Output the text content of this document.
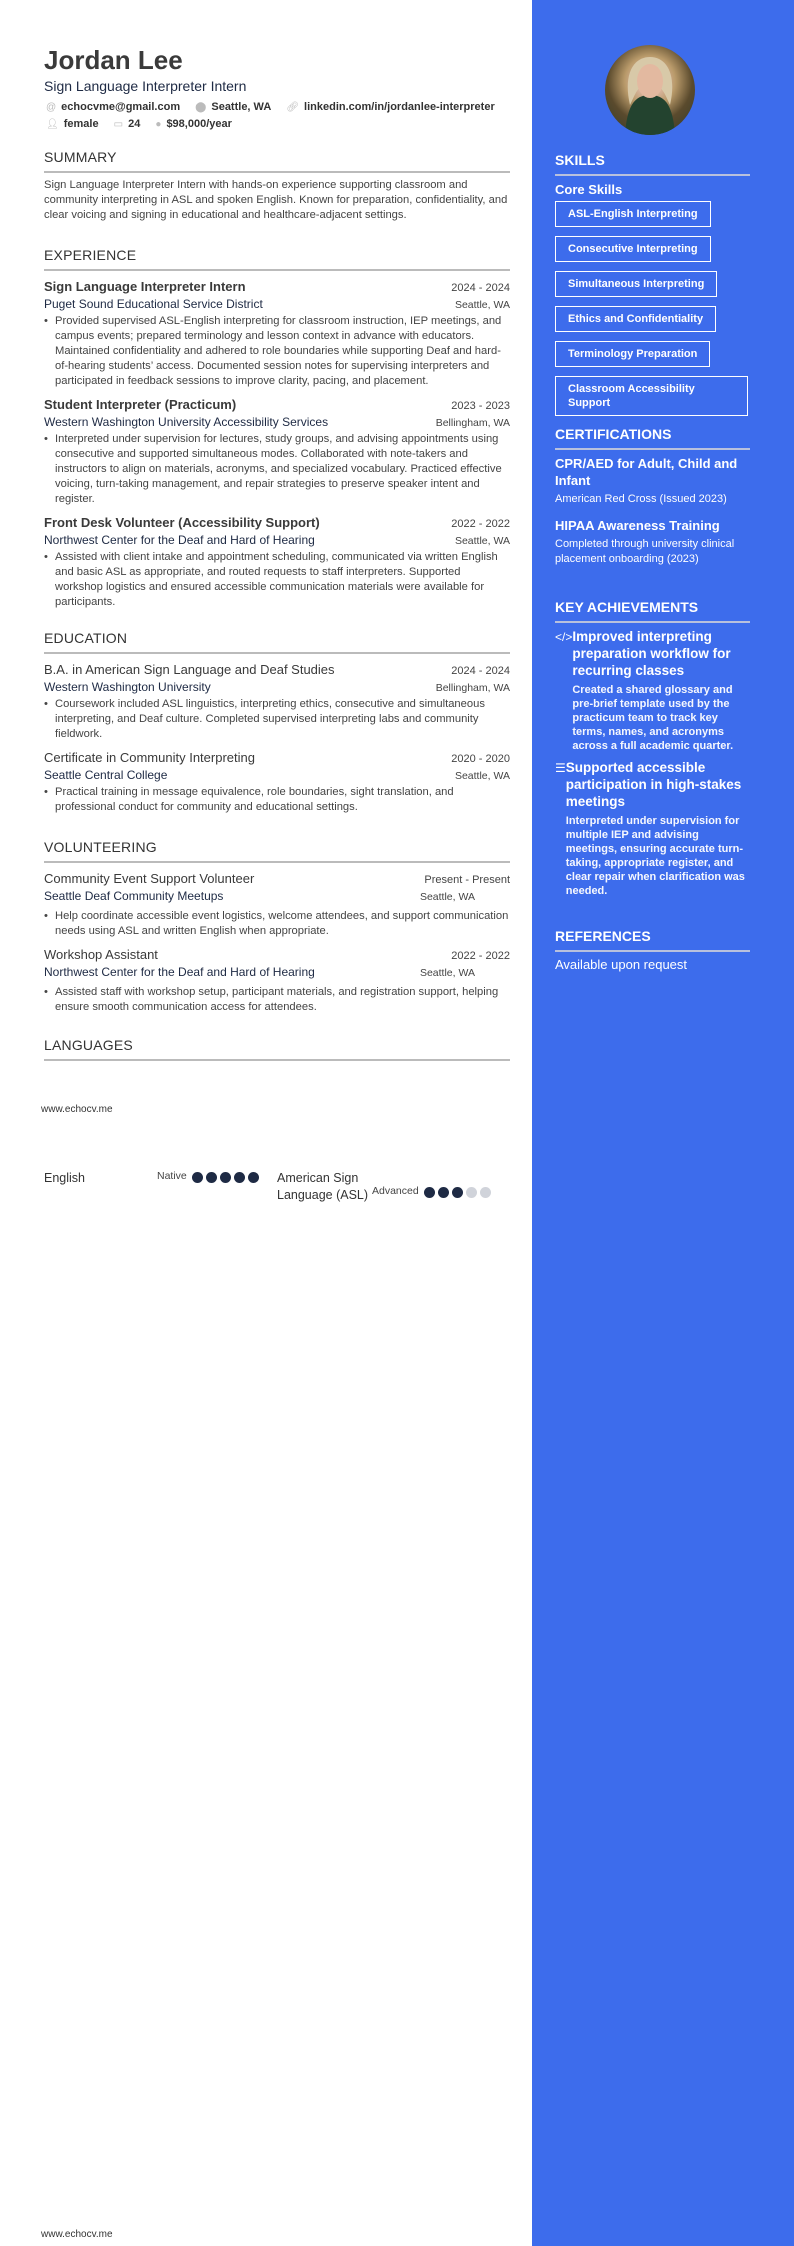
Jordan Lee
Sign Language Interpreter Intern
@ echocvme@gmail.com ⬤ Seattle, WA 🔗︎ linkedin.com/in/jordanlee-interpreter
👤︎ female ▭ 24 ● $98,000/year
SUMMARY
Sign Language Interpreter Intern with hands-on experience supporting classroom and community interpreting in ASL and spoken English. Known for preparation, confidentiality, and clear voicing and signing in educational and healthcare-adjacent settings.
EXPERIENCE
Sign Language Interpreter Intern	2024 - 2024
Puget Sound Educational Service District	Seattle, WA
• Provided supervised ASL-English interpreting for classroom instruction, IEP meetings, and campus events; prepared terminology and lesson context in advance with educators. Maintained confidentiality and adhered to role boundaries while supporting Deaf and hard-of-hearing students’ access. Documented session notes for supervising interpreters and participated in feedback sessions to improve clarity, pacing, and placement.
Student Interpreter (Practicum)	2023 - 2023
Western Washington University Accessibility Services	Bellingham, WA
• Interpreted under supervision for lectures, study groups, and advising appointments using consecutive and supported simultaneous modes. Collaborated with note-takers and instructors to align on materials, acronyms, and specialized vocabulary. Practiced effective voicing, turn-taking management, and repair strategies to preserve speaker intent and register.
Front Desk Volunteer (Accessibility Support)	2022 - 2022
Northwest Center for the Deaf and Hard of Hearing	Seattle, WA
• Assisted with client intake and appointment scheduling, communicated via written English and basic ASL as appropriate, and routed requests to staff interpreters. Supported workshop logistics and ensured accessible communication materials were available for participants.
EDUCATION
B.A. in American Sign Language and Deaf Studies	2024 - 2024
Western Washington University	Bellingham, WA
• Coursework included ASL linguistics, interpreting ethics, consecutive and simultaneous interpreting, and Deaf culture. Completed supervised interpreting labs and community fieldwork.
Certificate in Community Interpreting	2020 - 2020
Seattle Central College	Seattle, WA
• Practical training in message equivalence, role boundaries, sight translation, and professional conduct for community and educational settings.
VOLUNTEERING
Community Event Support Volunteer	Present - Present
Seattle Deaf Community Meetups	Seattle, WA
• Help coordinate accessible event logistics, welcome attendees, and support communication needs using ASL and written English when appropriate.
Workshop Assistant	2022 - 2022
Northwest Center for the Deaf and Hard of Hearing	Seattle, WA
• Assisted staff with workshop setup, participant materials, and registration support, helping ensure smooth communication access for attendees.
LANGUAGES
www.echocv.me
English	Native	American Sign Language (ASL) Advanced
www.echocv.me
SKILLS
Core Skills
ASL-English Interpreting
Consecutive Interpreting
Simultaneous Interpreting
Ethics and Confidentiality
Terminology Preparation
Classroom Accessibility Support
CERTIFICATIONS
CPR/AED for Adult, Child and Infant
American Red Cross (Issued 2023)
HIPAA Awareness Training
Completed through university clinical placement onboarding (2023)
KEY ACHIEVEMENTS
</> Improved interpreting preparation workflow for recurring classes
Created a shared glossary and pre-brief template used by the practicum team to track key terms, names, and acronyms across a full academic quarter.
☰ Supported accessible participation in high-stakes meetings
Interpreted under supervision for multiple IEP and advising meetings, ensuring accurate turn-taking, appropriate register, and clear repair when clarification was needed.
REFERENCES
Available upon request
